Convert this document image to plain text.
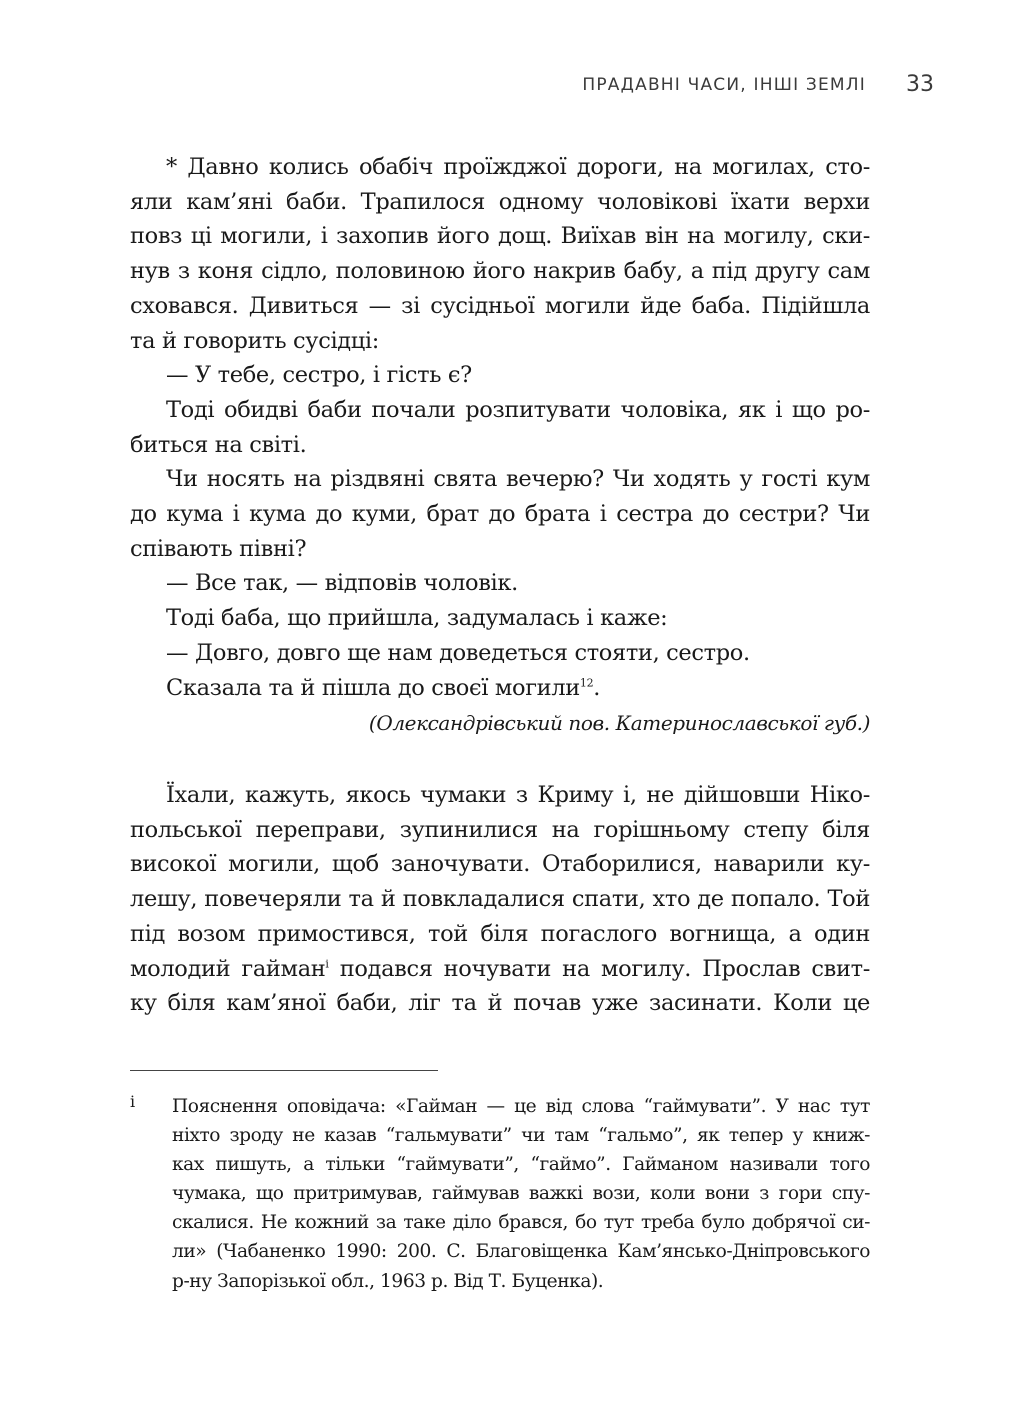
ПРАДАВНІ ЧАСИ, ІНШІ ЗЕМЛІ 33
* Давно колись обабіч проїжджої дороги, на могилах, сто-
яли кам’яні баби. Трапилося одному чоловікові їхати верхи
повз ці могили, і захопив його дощ. Виїхав він на могилу, ски-
нув з коня сідло, половиною його накрив бабу, а під другу сам
сховався. Дивиться — зі сусідньої могили йде баба. Підійшла
та й говорить сусідці:
— У тебе, сестро, і гість є?
Тоді обидві баби почали розпитувати чоловіка, як і що ро-
биться на світі.
Чи носять на різдвяні свята вечерю? Чи ходять у гості кум
до кума і кума до куми, брат до брата і сестра до сестри? Чи
співають півні?
— Все так, — відповів чоловік.
Тоді баба, що прийшла, задумалась і каже:
— Довго, довго ще нам доведеться стояти, сестро.
Сказала та й пішла до своєї могили$^{12}$.
(Олександрівський пов. Катеринославської губ.)
Їхали, кажуть, якось чумаки з Криму і, не дійшовши Ніко-
польської переправи, зупинилися на горішньому степу біля
високої могили, щоб заночувати. Отаборилися, наварили ку-
лешу, повечеряли та й повкладалися спати, хто де попало. Той
під возом примостився, той біля погаслого вогнища, а один
молодий гайман$^i$ подався ночувати на могилу. Прослав свит-
ку біля кам’яної баби, ліг та й почав уже засинати. Коли це
i Пояснення оповідача: «Гайман — це від слова “гаймувати”. У нас тут
ніхто зроду не казав “гальмувати” чи там “гальмо”, як тепер у книж-
ках пишуть, а тільки “гаймувати”, “гаймо”. Гайманом називали того
чумака, що притримував, гаймував важкі вози, коли вони з гори спу-
скалися. Не кожний за таке діло брався, бо тут треба було добрячої си-
ли» (Чабаненко 1990: 200. С. Благовіщенка Кам’янсько-Дніпровського
р-ну Запорізької обл., 1963 р. Від Т. Буценка).
